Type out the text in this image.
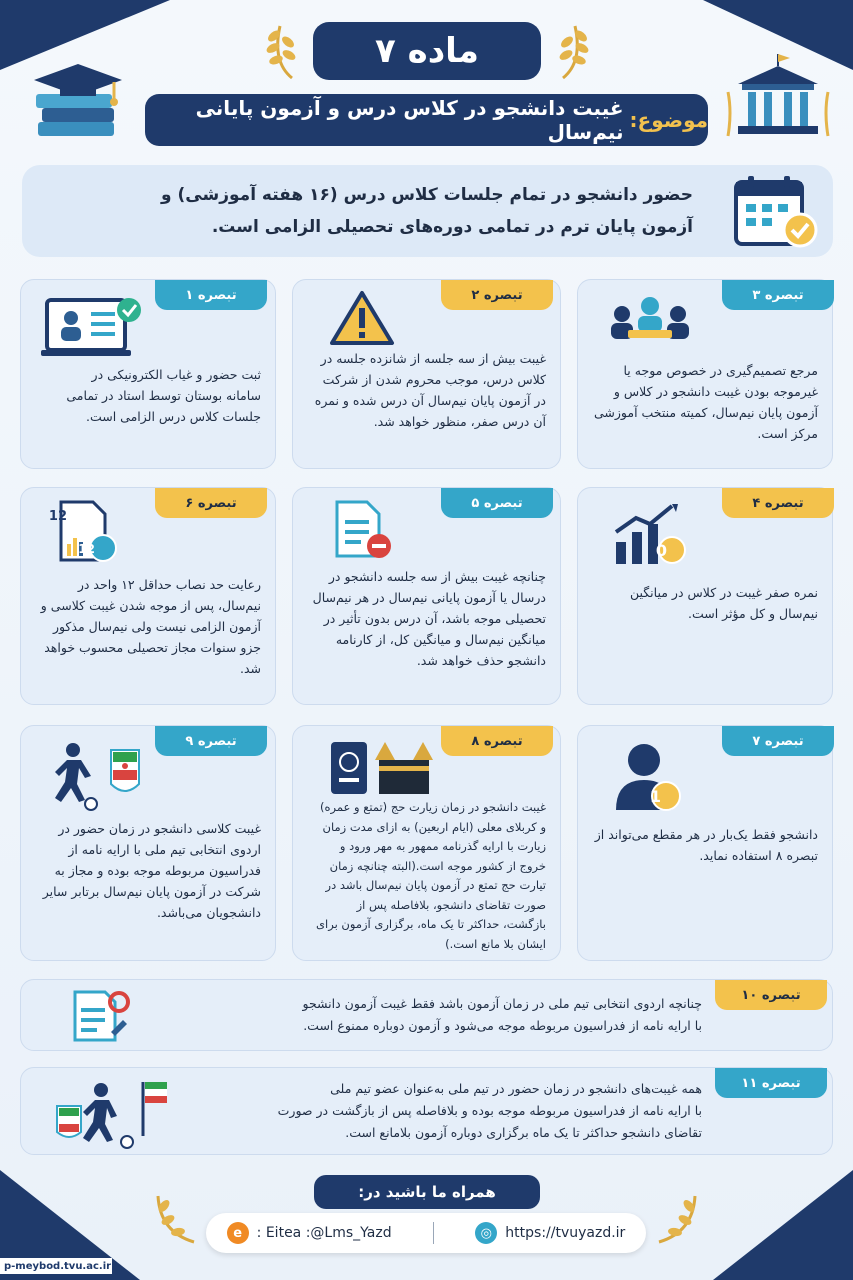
ماده ۷
موضوع:
غیبت دانشجو در کلاس درس و آزمون پایانی نیم‌سال
حضور دانشجو در تمام جلسات کلاس درس (۱۶ هفته آموزشی) و
آزمون پایان ترم در تمامی دوره‌های تحصیلی الزامی است.
تبصره ۱
ثبت حضور و غیاب الکترونیکی در سامانه بوستان توسط استاد در تمامی جلسات کلاس درس الزامی است.
تبصره ۲
غیبت بیش از سه جلسه از شانزده جلسه در کلاس درس، موجب محروم شدن از شرکت در آزمون پایان نیم‌سال آن درس شده و نمره آن درس صفر، منظور خواهد شد.
تبصره ۳
مرجع تصمیم‌گیری در خصوص موجه یا غیرموجه بودن غیبت دانشجو در کلاس و آزمون پایان نیم‌سال، کمیته منتخب آموزشی مرکز است.
تبصره ۶
12
12
رعایت حد نصاب حداقل ۱۲ واحد در نیم‌سال، پس از موجه شدن غیبت کلاسی و آزمون الزامی نیست ولی نیم‌سال مذکور جزو سنوات مجاز تحصیلی محسوب خواهد شد.
تبصره ۵
چنانچه غیبت بیش از سه جلسه دانشجو در درسال یا آزمون پایانی نیم‌سال در هر نیم‌سال تحصیلی موجه باشد، آن درس بدون تأثیر در میانگین نیم‌سال و میانگین کل، از کارنامه دانشجو حذف خواهد شد.
تبصره ۴
0
نمره صفر غیبت در کلاس در میانگین نیم‌سال و کل مؤثر است.
تبصره ۹
غیبت کلاسی دانشجو در زمان حضور در اردوی انتخابی تیم ملی با ارایه نامه از فدراسیون مربوطه موجه بوده و مجاز به شرکت در آزمون پایان نیم‌سال برتابر سایر دانشجویان می‌باشد.
تبصره ۸
غیبت دانشجو در زمان زیارت حج (تمتع و عمره) و کربلای معلی (ایام اربعین) به ازای مدت زمان زیارت با ارایه گذرنامه ممهور به مهر ورود و خروج از کشور موجه است.(البته چنانچه زمان تیارت حج تمتع در آزمون پایان نیم‌سال باشد در صورت تقاضای دانشجو، بلافاصله پس از بازگشت، حداکثر تا یک ماه، برگزاری آزمون برای ایشان بلا مانع است.)
تبصره ۷
1
دانشجو فقط یک‌بار در هر مقطع می‌تواند از تبصره ۸ استفاده نماید.
تبصره ۱۰
چنانچه اردوی انتخابی تیم ملی در زمان آزمون باشد فقط غیبت آزمون دانشجو
با ارایه نامه از فدراسیون مربوطه موجه می‌شود و آزمون دوباره ممنوع است.
تبصره ۱۱
همه غیبت‌های دانشجو در زمان حضور در تیم ملی به‌عنوان عضو تیم ملی
با ارایه نامه از فدراسیون مربوطه موجه بوده و بلافاصله پس از بازگشت در صورت
تقاضای دانشجو حداکثر تا یک ماه برگزاری دوباره آزمون بلامانع است.
همراه ما باشید در:
e	: Eitea :@Lms_Yazd	◎ https://tvuyazd.ir
p-meybod.tvu.ac.ir
